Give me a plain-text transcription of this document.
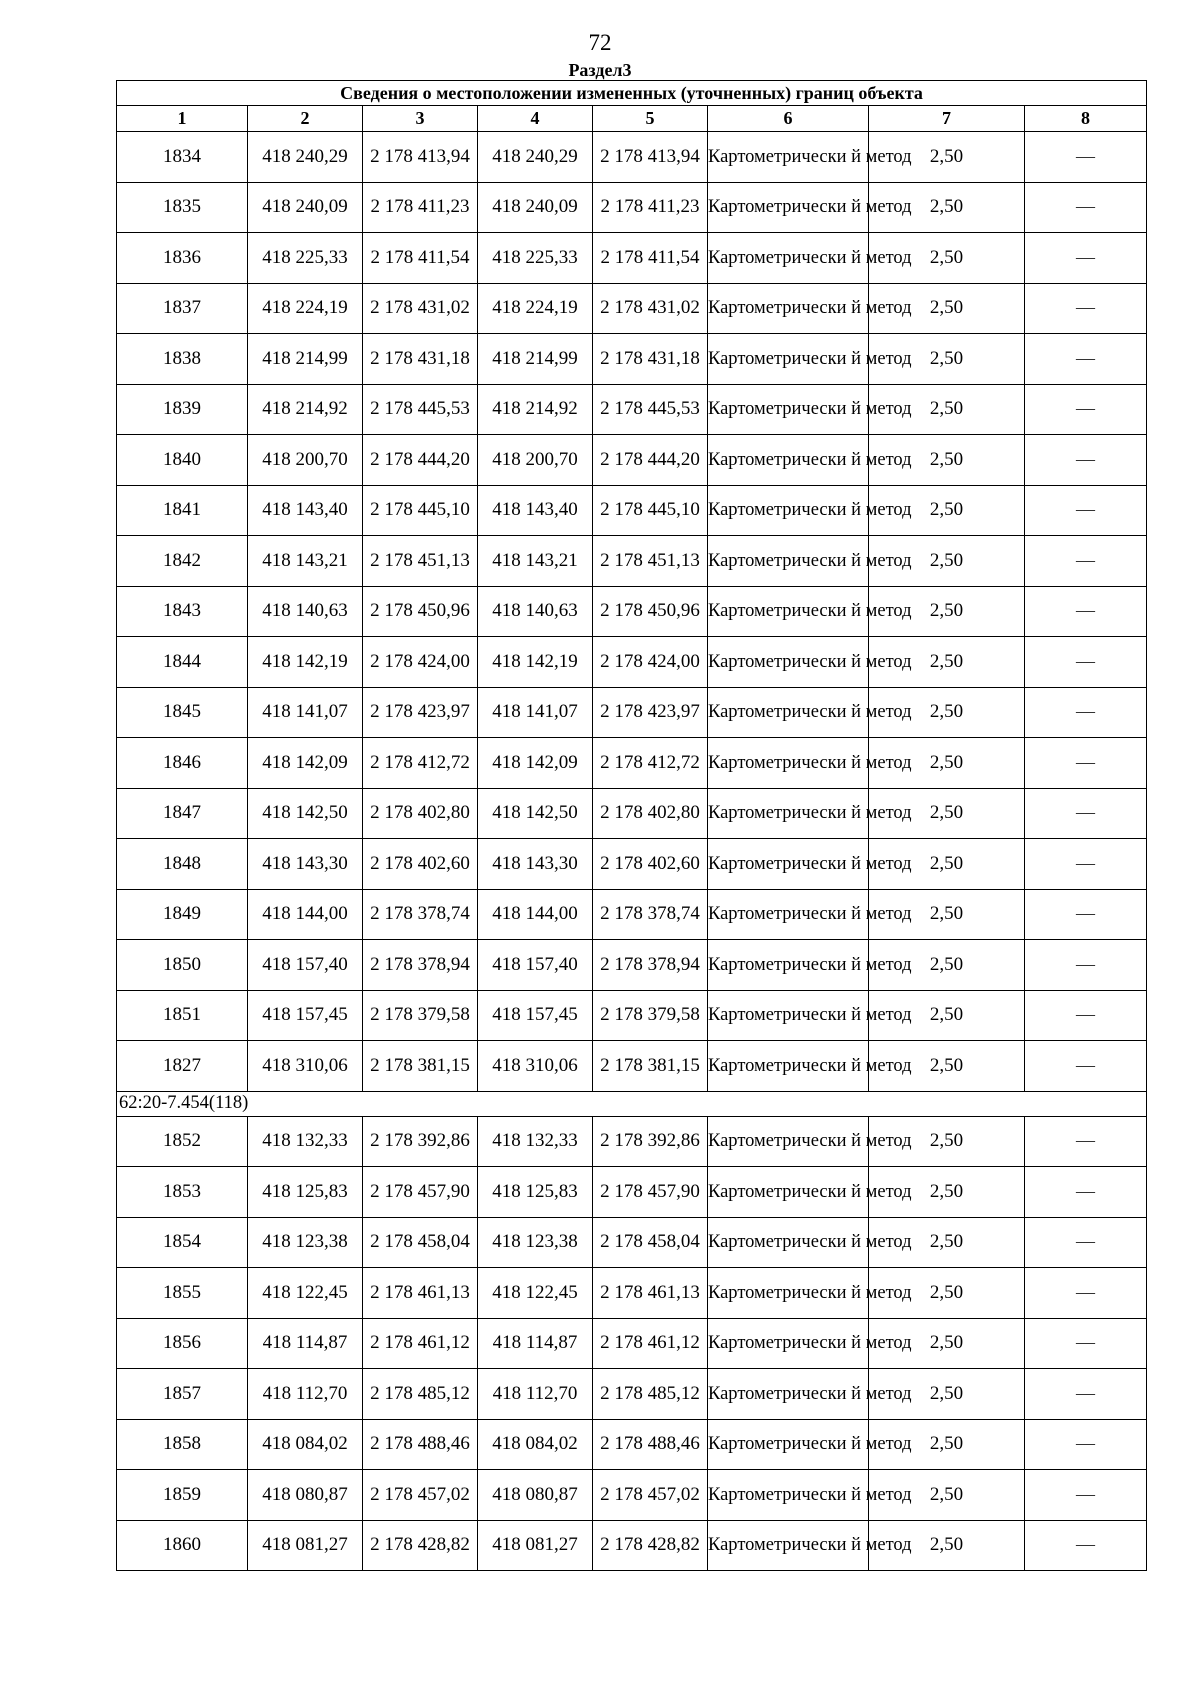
72
Раздел3
Сведения о местоположении измененных (уточненных) границ объекта							
1	2	3	4	5	6	7	8
1834	418 240,29	2 178 413,94	418 240,29	2 178 413,94	Картометрически й метод	2,50	—
1835	418 240,09	2 178 411,23	418 240,09	2 178 411,23	Картометрически й метод	2,50	—
1836	418 225,33	2 178 411,54	418 225,33	2 178 411,54	Картометрически й метод	2,50	—
1837	418 224,19	2 178 431,02	418 224,19	2 178 431,02	Картометрически й метод	2,50	—
1838	418 214,99	2 178 431,18	418 214,99	2 178 431,18	Картометрически й метод	2,50	—
1839	418 214,92	2 178 445,53	418 214,92	2 178 445,53	Картометрически й метод	2,50	—
1840	418 200,70	2 178 444,20	418 200,70	2 178 444,20	Картометрически й метод	2,50	—
1841	418 143,40	2 178 445,10	418 143,40	2 178 445,10	Картометрически й метод	2,50	—
1842	418 143,21	2 178 451,13	418 143,21	2 178 451,13	Картометрически й метод	2,50	—
1843	418 140,63	2 178 450,96	418 140,63	2 178 450,96	Картометрически й метод	2,50	—
1844	418 142,19	2 178 424,00	418 142,19	2 178 424,00	Картометрически й метод	2,50	—
1845	418 141,07	2 178 423,97	418 141,07	2 178 423,97	Картометрически й метод	2,50	—
1846	418 142,09	2 178 412,72	418 142,09	2 178 412,72	Картометрически й метод	2,50	—
1847	418 142,50	2 178 402,80	418 142,50	2 178 402,80	Картометрически й метод	2,50	—
1848	418 143,30	2 178 402,60	418 143,30	2 178 402,60	Картометрически й метод	2,50	—
1849	418 144,00	2 178 378,74	418 144,00	2 178 378,74	Картометрически й метод	2,50	—
1850	418 157,40	2 178 378,94	418 157,40	2 178 378,94	Картометрически й метод	2,50	—
1851	418 157,45	2 178 379,58	418 157,45	2 178 379,58	Картометрически й метод	2,50	—
1827	418 310,06	2 178 381,15	418 310,06	2 178 381,15	Картометрически й метод	2,50	—
62:20-7.454(118)							
1852	418 132,33	2 178 392,86	418 132,33	2 178 392,86	Картометрически й метод	2,50	—
1853	418 125,83	2 178 457,90	418 125,83	2 178 457,90	Картометрически й метод	2,50	—
1854	418 123,38	2 178 458,04	418 123,38	2 178 458,04	Картометрически й метод	2,50	—
1855	418 122,45	2 178 461,13	418 122,45	2 178 461,13	Картометрически й метод	2,50	—
1856	418 114,87	2 178 461,12	418 114,87	2 178 461,12	Картометрически й метод	2,50	—
1857	418 112,70	2 178 485,12	418 112,70	2 178 485,12	Картометрически й метод	2,50	—
1858	418 084,02	2 178 488,46	418 084,02	2 178 488,46	Картометрически й метод	2,50	—
1859	418 080,87	2 178 457,02	418 080,87	2 178 457,02	Картометрически й метод	2,50	—
1860	418 081,27	2 178 428,82	418 081,27	2 178 428,82	Картометрически й метод	2,50	—
